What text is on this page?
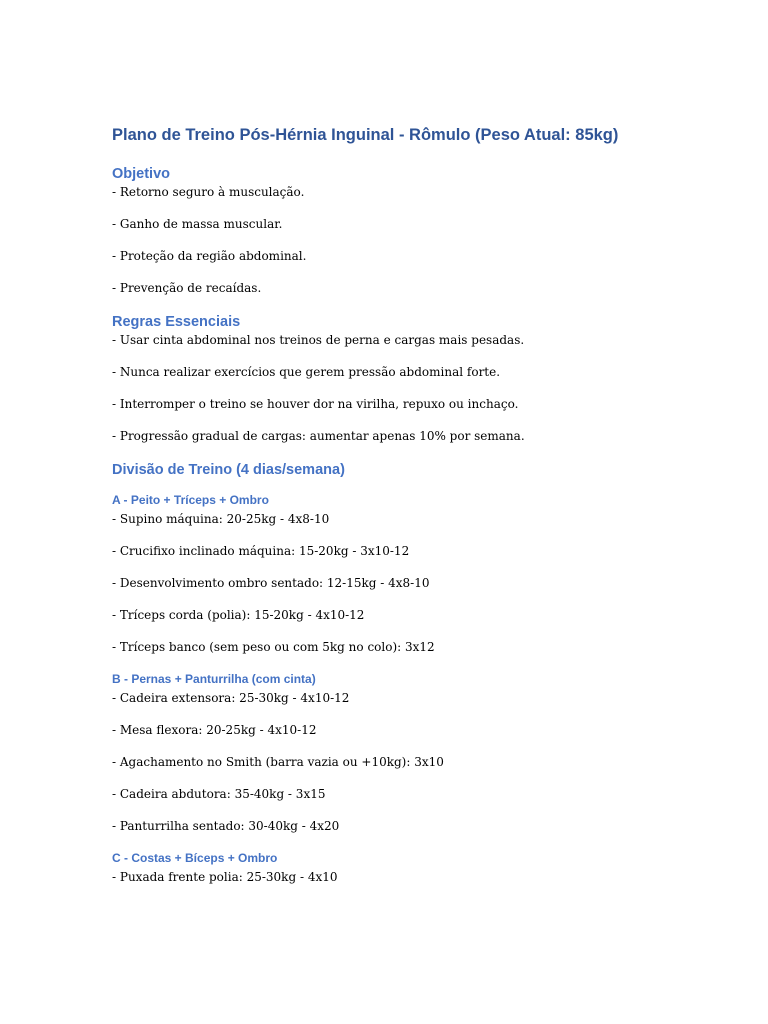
Plano de Treino Pós-Hérnia Inguinal - Rômulo (Peso Atual: 85kg)
Objetivo

- Retorno seguro à musculação.

- Ganho de massa muscular.

- Proteção da região abdominal.

- Prevenção de recaídas.

Regras Essenciais

- Usar cinta abdominal nos treinos de perna e cargas mais pesadas.

- Nunca realizar exercícios que gerem pressão abdominal forte.

- Interromper o treino se houver dor na virilha, repuxo ou inchaço.

- Progressão gradual de cargas: aumentar apenas 10% por semana.

Divisão de Treino (4 dias/semana)
A - Peito + Tríceps + Ombro

- Supino máquina: 20-25kg - 4x8-10

- Crucifixo inclinado máquina: 15-20kg - 3x10-12

- Desenvolvimento ombro sentado: 12-15kg - 4x8-10

- Tríceps corda (polia): 15-20kg - 4x10-12

- Tríceps banco (sem peso ou com 5kg no colo): 3x12

B - Pernas + Panturrilha (com cinta)

- Cadeira extensora: 25-30kg - 4x10-12

- Mesa flexora: 20-25kg - 4x10-12

- Agachamento no Smith (barra vazia ou +10kg): 3x10

- Cadeira abdutora: 35-40kg - 3x15

- Panturrilha sentado: 30-40kg - 4x20

C - Costas + Bíceps + Ombro

- Puxada frente polia: 25-30kg - 4x10
